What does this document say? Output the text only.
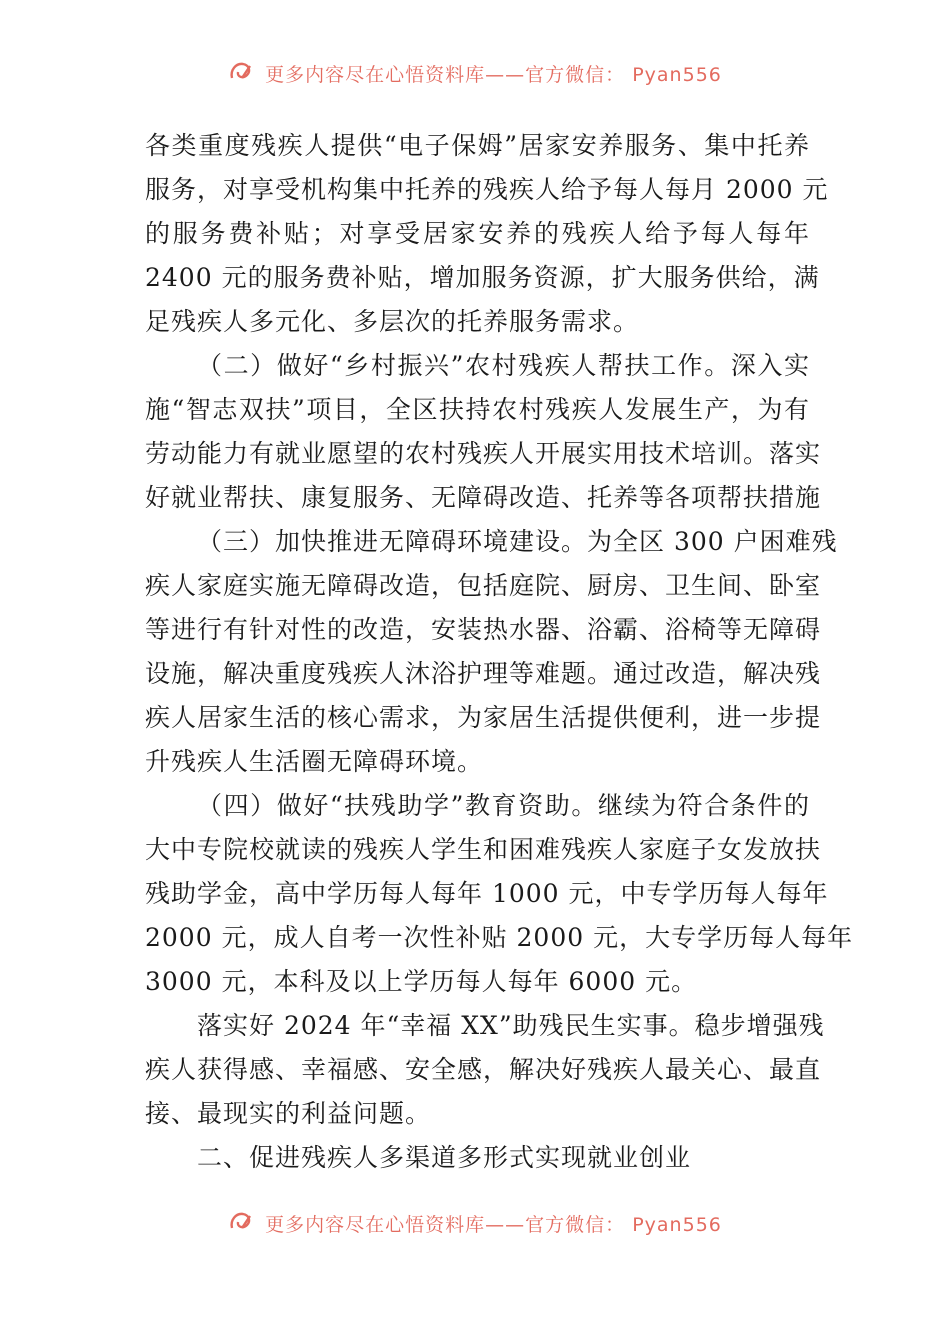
更多内容尽在心悟资料库——官方微信： Pyan556
各类重度残疾人提供“电子保姆”居家安养服务、集中托养
服务，对享受机构集中托养的残疾人给予每人每月 2000 元
的服务费补贴；对享受居家安养的残疾人给予每人每年
2400 元的服务费补贴，增加服务资源，扩大服务供给，满
足残疾人多元化、多层次的托养服务需求。
（二）做好“乡村振兴”农村残疾人帮扶工作。深入实
施“智志双扶”项目，全区扶持农村残疾人发展生产，为有
劳动能力有就业愿望的农村残疾人开展实用技术培训。落实
好就业帮扶、康复服务、无障碍改造、托养等各项帮扶措施
（三）加快推进无障碍环境建设。为全区 300 户困难残
疾人家庭实施无障碍改造，包括庭院、厨房、卫生间、卧室
等进行有针对性的改造，安装热水器、浴霸、浴椅等无障碍
设施，解决重度残疾人沐浴护理等难题。通过改造，解决残
疾人居家生活的核心需求，为家居生活提供便利，进一步提
升残疾人生活圈无障碍环境。
（四）做好“扶残助学”教育资助。继续为符合条件的
大中专院校就读的残疾人学生和困难残疾人家庭子女发放扶
残助学金，高中学历每人每年 1000 元，中专学历每人每年
2000 元，成人自考一次性补贴 2000 元，大专学历每人每年
3000 元，本科及以上学历每人每年 6000 元。
落实好 2024 年“幸福 XX”助残民生实事。稳步增强残
疾人获得感、幸福感、安全感，解决好残疾人最关心、最直
接、最现实的利益问题。
二、促进残疾人多渠道多形式实现就业创业
更多内容尽在心悟资料库——官方微信： Pyan556
